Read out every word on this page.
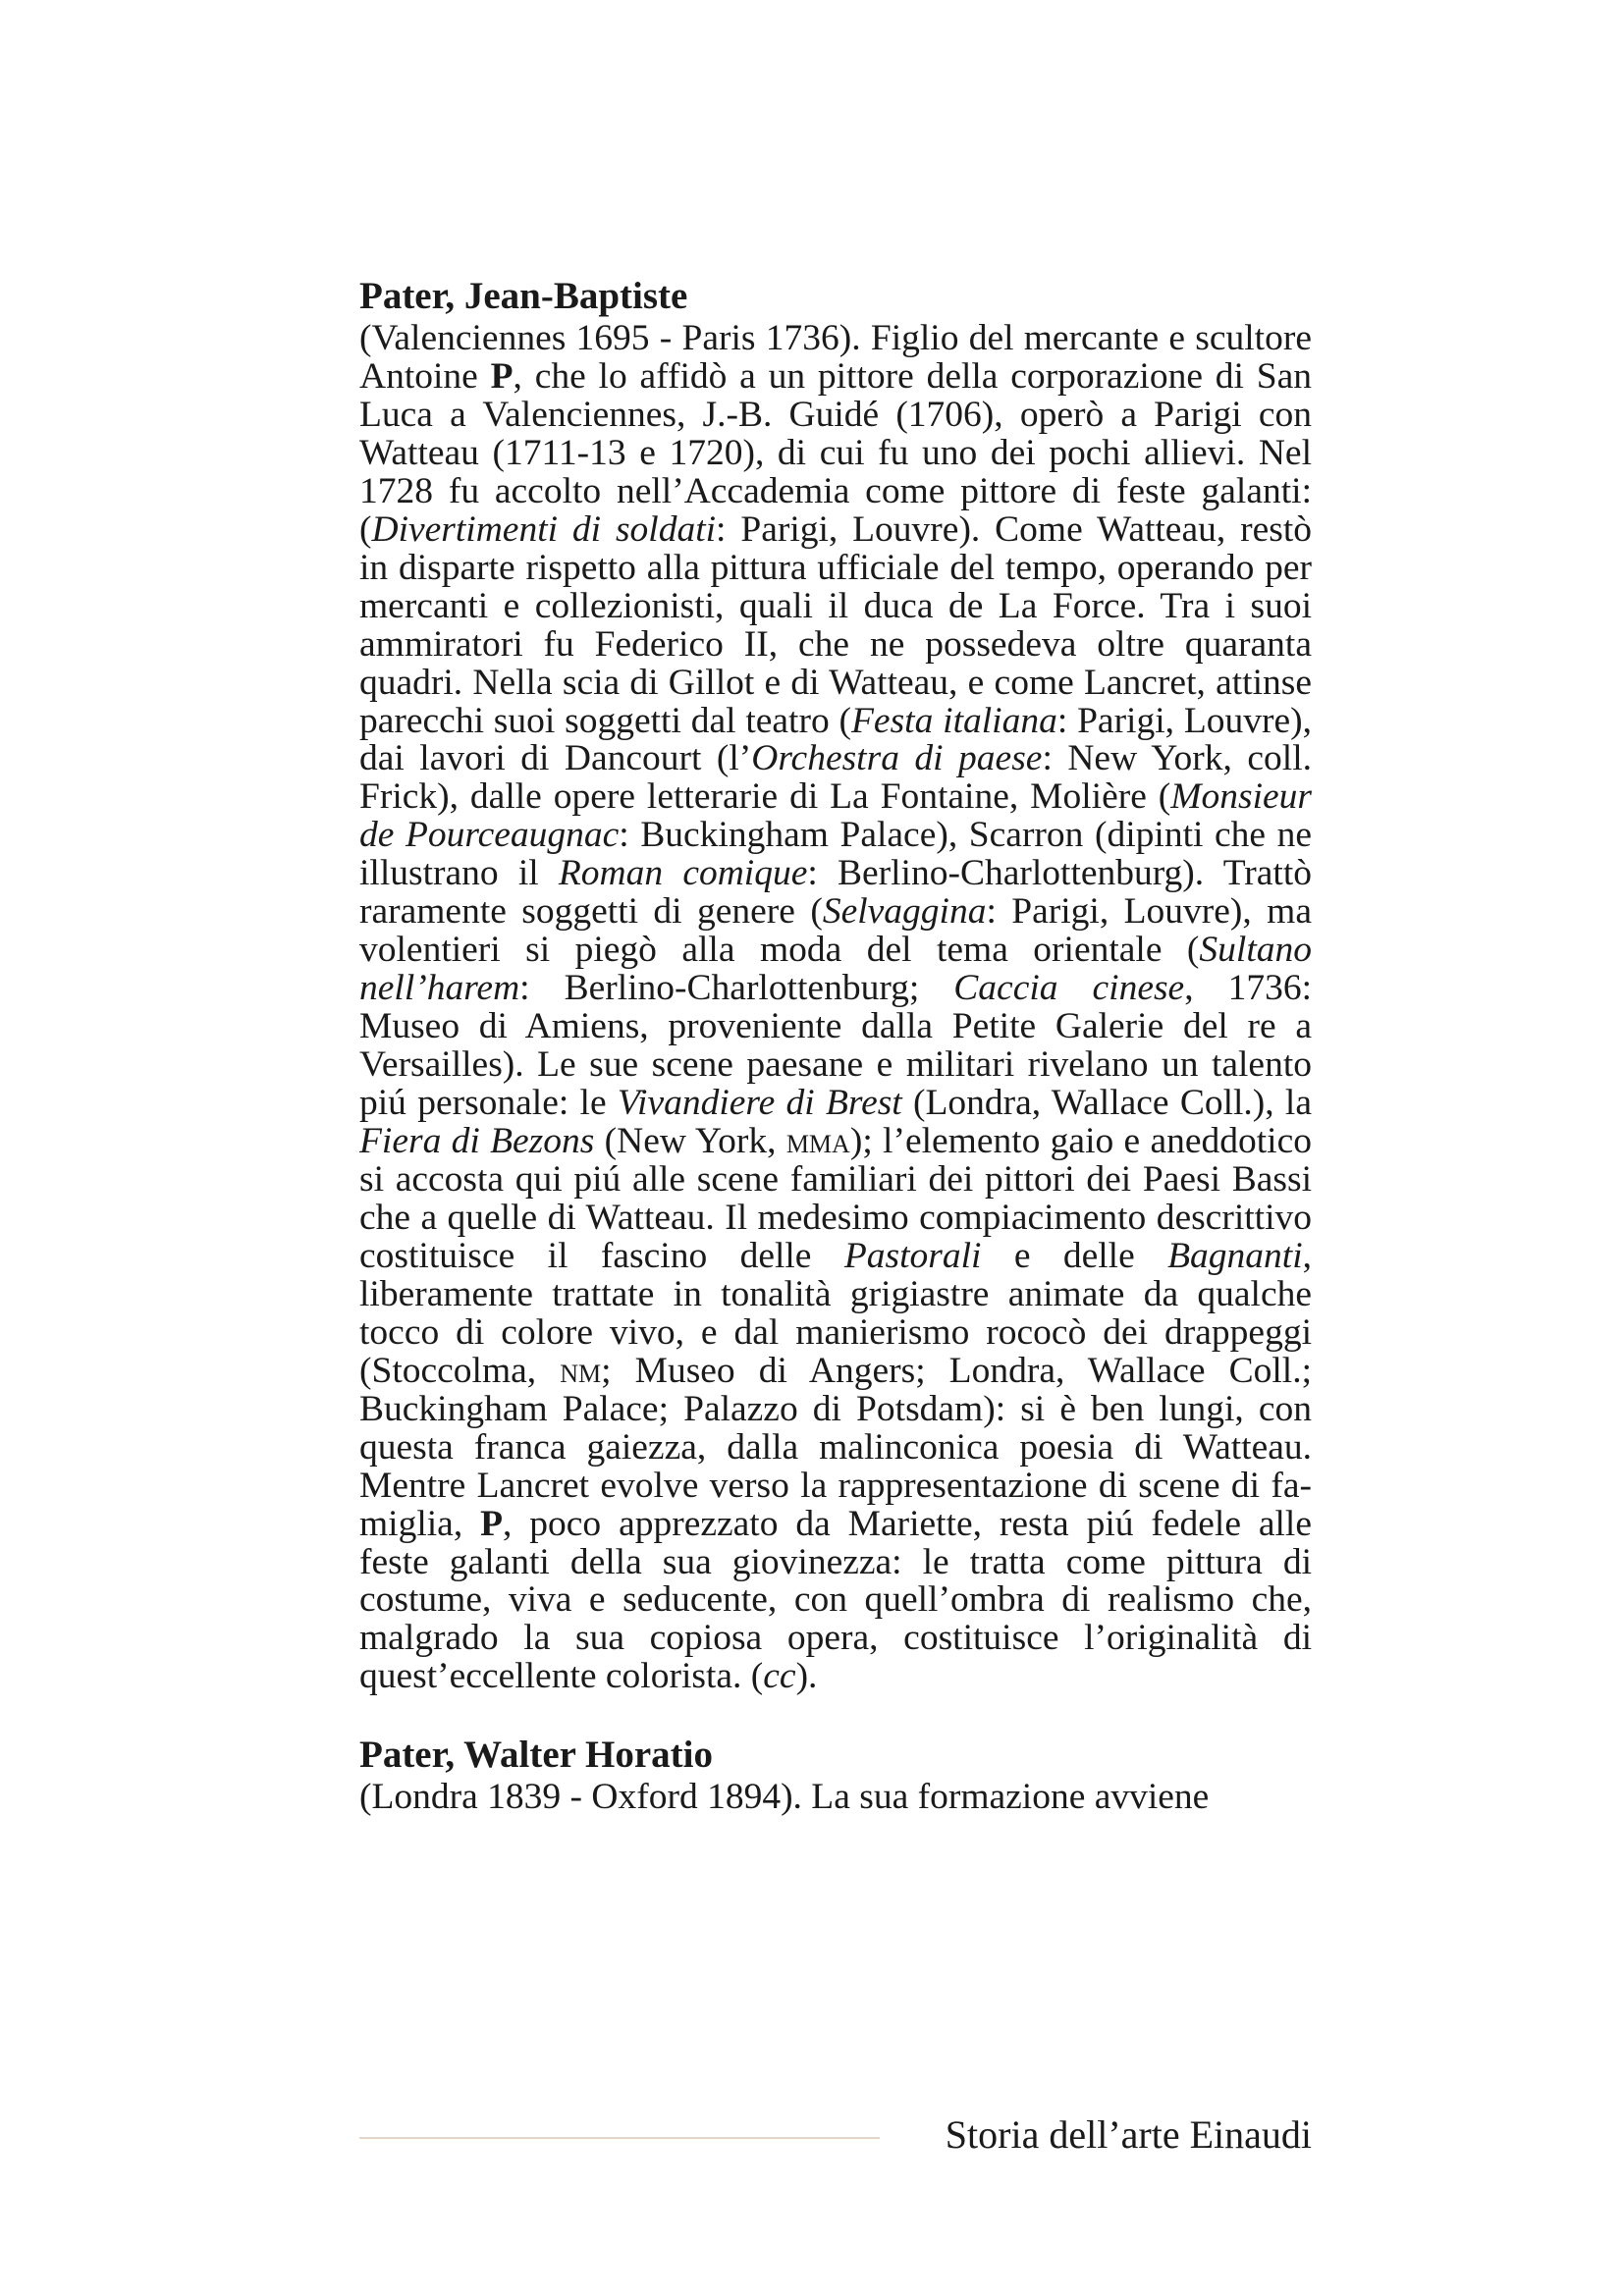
Pater, Jean-Baptiste

(Valenciennes 1695 - Paris 1736). Figlio del mercante e scultore Antoine P, che lo affidò a un pittore della corporazione di San Luca a Valenciennes, J.-B. Guidé (1706), operò a Parigi con Watteau (1711-13 e 1720), di cui fu uno dei pochi allievi. Nel 1728 fu accolto nell’Accademia come pittore di feste galanti: (Divertimenti di soldati: Parigi, Louvre). Come Watteau, restò in disparte rispetto alla pittura ufficiale del tempo, operando per mercanti e collezionisti, quali il duca de La Force. Tra i suoi ammiratori fu Federico II, che ne possedeva oltre quaranta quadri. Nella scia di Gillot e di Watteau, e come Lancret, attinse parecchi suoi soggetti dal teatro (Festa italiana: Parigi, Louvre), dai lavori di Dancourt (l’Orchestra di paese: New York, coll. Frick), dalle opere letterarie di La Fontaine, Molière (Monsieur de Pourceaugnac: Buckingham Palace), Scarron (dipinti che ne illustrano il Roman comique: Berlino-Charlottenburg). Trattò raramente soggetti di genere (Selvaggina: Parigi, Louvre), ma volentieri si piegò alla moda del tema orientale (Sultano nell’harem: Berlino-Charlottenburg; Caccia cinese, 1736: Museo di Amiens, proveniente dalla Petite Galerie del re a Versailles). Le sue scene paesane e militari rivelano un talento piú personale: le Vivandiere di Brest (Londra, Wallace Coll.), la Fiera di Bezons (New York, mma); l’elemento gaio e aneddotico si accosta qui piú alle scene familiari dei pittori dei Paesi Bassi che a quelle di Watteau. Il medesimo compiacimento descrittivo costituisce il fascino delle Pastorali e delle Bagnanti, liberamente trattate in tonalità grigiastre animate da qualche tocco di colore vivo, e dal manierismo rococò dei drappeggi (Stoccolma, nm; Museo di Angers; Londra, Wallace Coll.; Buckingham Palace; Palazzo di Potsdam): si è ben lungi, con questa franca gaiezza, dalla malinconica poesia di Watteau. Mentre Lancret evolve verso la rappresentazione di scene di famiglia, P, poco apprezzato da Mariette, resta piú fedele alle feste galanti della sua giovinezza: le tratta come pittura di costume, viva e seducente, con quell’ombra di realismo che, malgrado la sua copiosa opera, costituisce l’originalità di quest’eccellente colorista. (cc).

Pater, Walter Horatio

(Londra 1839 - Oxford 1894). La sua formazione avviene

Storia dell’arte Einaudi
